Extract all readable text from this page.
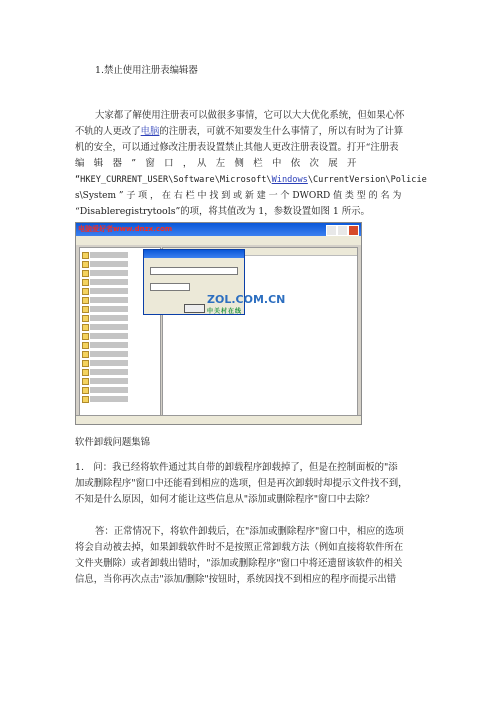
1.禁止使用注册表编辑器
大家都了解使用注册表可以做很多事情，它可以大大优化系统，但如果心怀
不轨的人更改了电脑的注册表，可就不知要发生什么事情了，所以有时为了计算
机的安全，可以通过修改注册表设置禁止其他人更改注册表设置。打开“注册表
编　辑　器　”　窗　口　，　从　左　侧　栏　中　依　次　展　开
“HKEY_CURRENT_USER\Software\Microsoft\Windows\CurrentVersion\Policie
s\System ” 子 项 ， 在 右 栏 中 找 到 或 新 建 一 个 DWORD 值 类 型 的 名 为
电脑爱好者www.dnzx.com
ZOL.COM.CN
中关村在线
软件卸载问题集锦
1.　问：我已经将软件通过其自带的卸载程序卸载掉了，但是在控制面板的"添
加或删除程序"窗口中还能看到相应的选项，但是再次卸载时却提示文件找不到，
不知是什么原因，如何才能让这些信息从"添加或删除程序"窗口中去除？
答：正常情况下，将软件卸载后，在"添加或删除程序"窗口中，相应的选项
将会自动被去掉，如果卸载软件时不是按照正常卸载方法（例如直接将软件所在
文件夹删除）或者卸载出错时，"添加或删除程序"窗口中将还遗留该软件的相关
信息，当你再次点击"添加/删除"按钮时，系统因找不到相应的程序而提示出错
“Disableregistrytools”的项，将其值改为 1，参数设置如图 1 所示。
